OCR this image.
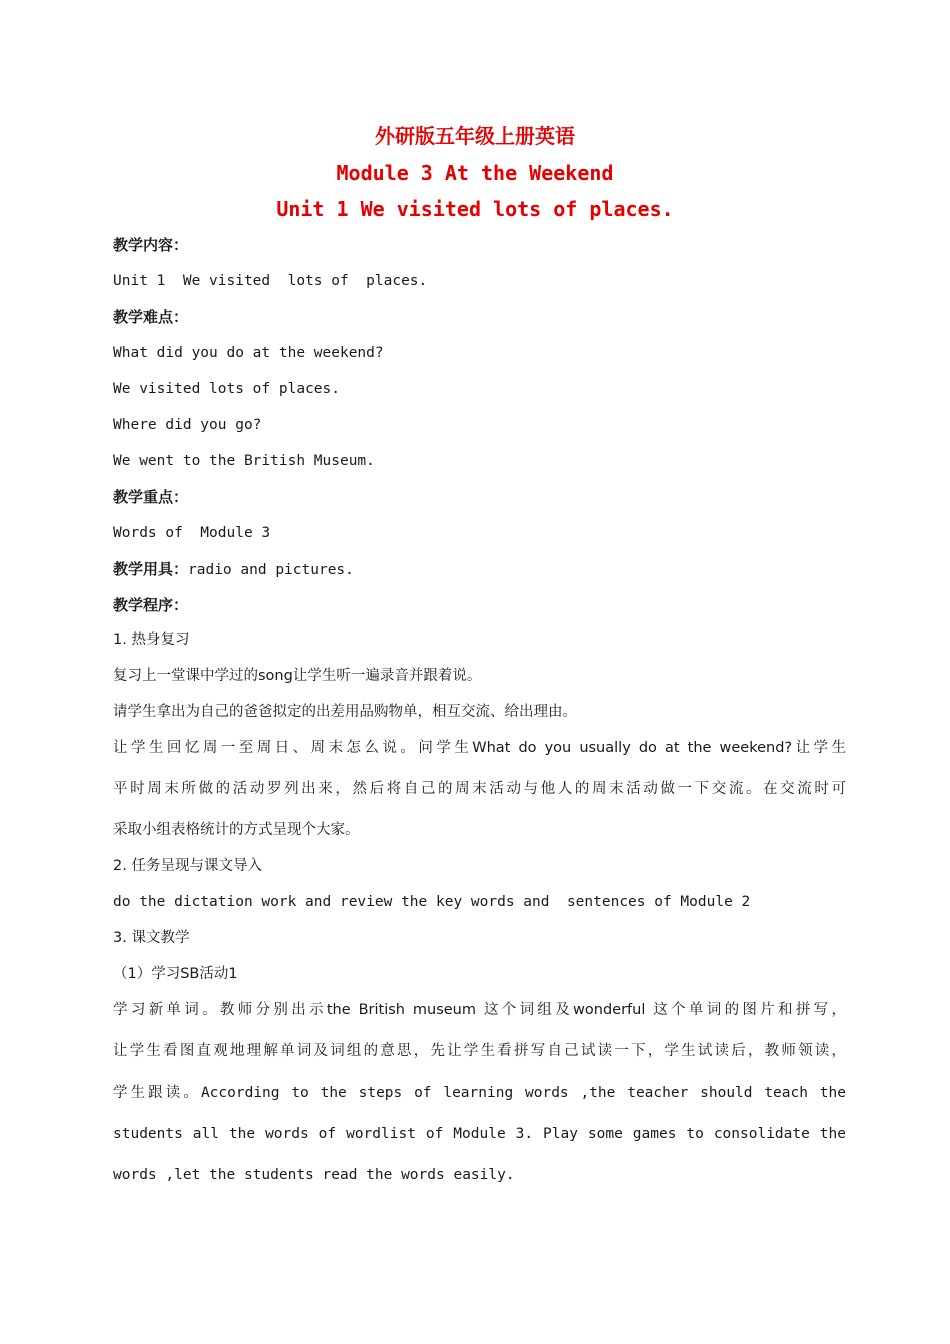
外研版五年级上册英语
Module 3 At the Weekend
Unit 1 We visited lots of places.
教学内容：
Unit 1  We visited  lots of  places.
教学难点：
What did you do at the weekend?
We visited lots of places.
Where did you go?
We went to the British Museum.
教学重点：
Words of  Module 3
教学用具：radio and pictures.
教学程序：
1. 热身复习
复习上一堂课中学过的song让学生听一遍录音并跟着说。
请学生拿出为自己的爸爸拟定的出差用品购物单，相互交流、给出理由。
让学生回忆周一至周日、周末怎么说。问学生What do you usually do at the weekend?让学生
平时周末所做的活动罗列出来，然后将自己的周末活动与他人的周末活动做一下交流。在交流时可
采取小组表格统计的方式呈现个大家。
2. 任务呈现与课文导入
do the dictation work and review the key words and  sentences of Module 2
3. 课文教学
（1）学习SB活动1
学习新单词。教师分别出示the British museum 这个词组及wonderful 这个单词的图片和拼写，
让学生看图直观地理解单词及词组的意思，先让学生看拼写自己试读一下，学生试读后，教师领读，
学生跟读。According to the steps of learning words ,the teacher should teach the
students all the words of wordlist of Module 3. Play some games to consolidate the
words ,let the students read the words easily.
